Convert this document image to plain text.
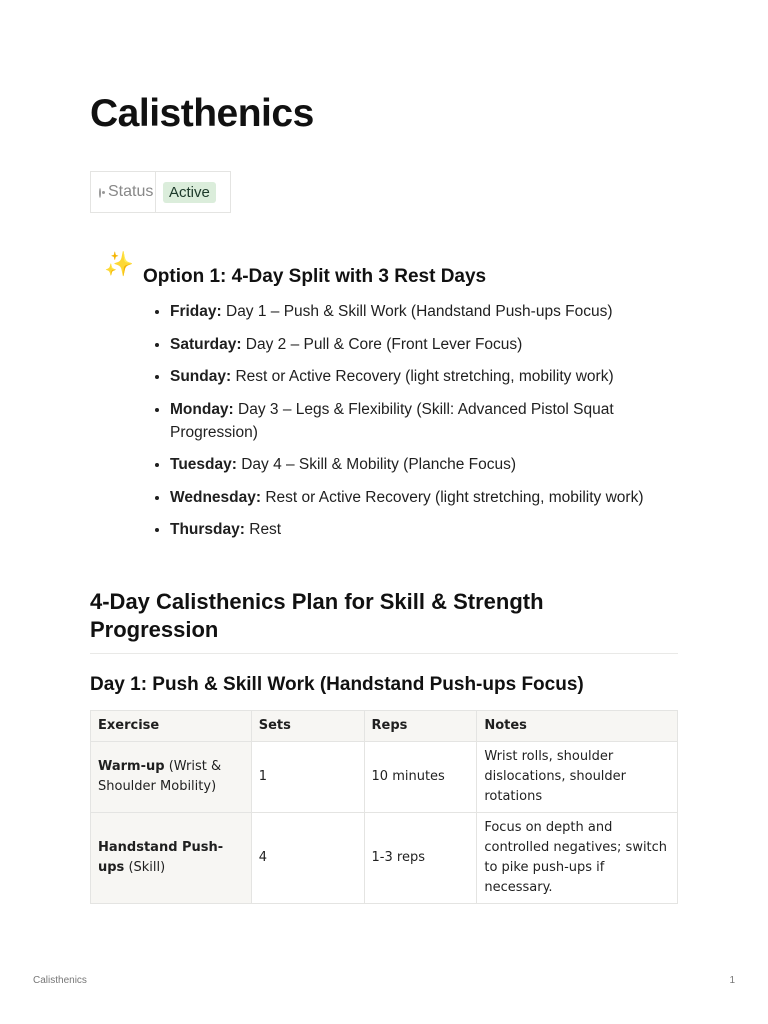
Calisthenics
Status	Active
✨ Option 1: 4-Day Split with 3 Rest Days
• Friday: Day 1 – Push & Skill Work (Handstand Push-ups Focus)
• Saturday: Day 2 – Pull & Core (Front Lever Focus)
• Sunday: Rest or Active Recovery (light stretching, mobility work)
• Monday: Day 3 – Legs & Flexibility (Skill: Advanced Pistol Squat Progression)
• Tuesday: Day 4 – Skill & Mobility (Planche Focus)
• Wednesday: Rest or Active Recovery (light stretching, mobility work)
• Thursday: Rest
4-Day Calisthenics Plan for Skill & Strength Progression
Day 1: Push & Skill Work (Handstand Push-ups Focus)
Exercise	Sets	Reps	Notes
Warm-up (Wrist & Shoulder Mobility)	1	10 minutes	Wrist rolls, shoulder dislocations, shoulder rotations
Handstand Push-ups (Skill)	4	1-3 reps	Focus on depth and controlled negatives; switch to pike push-ups if necessary.
Calisthenics	1
